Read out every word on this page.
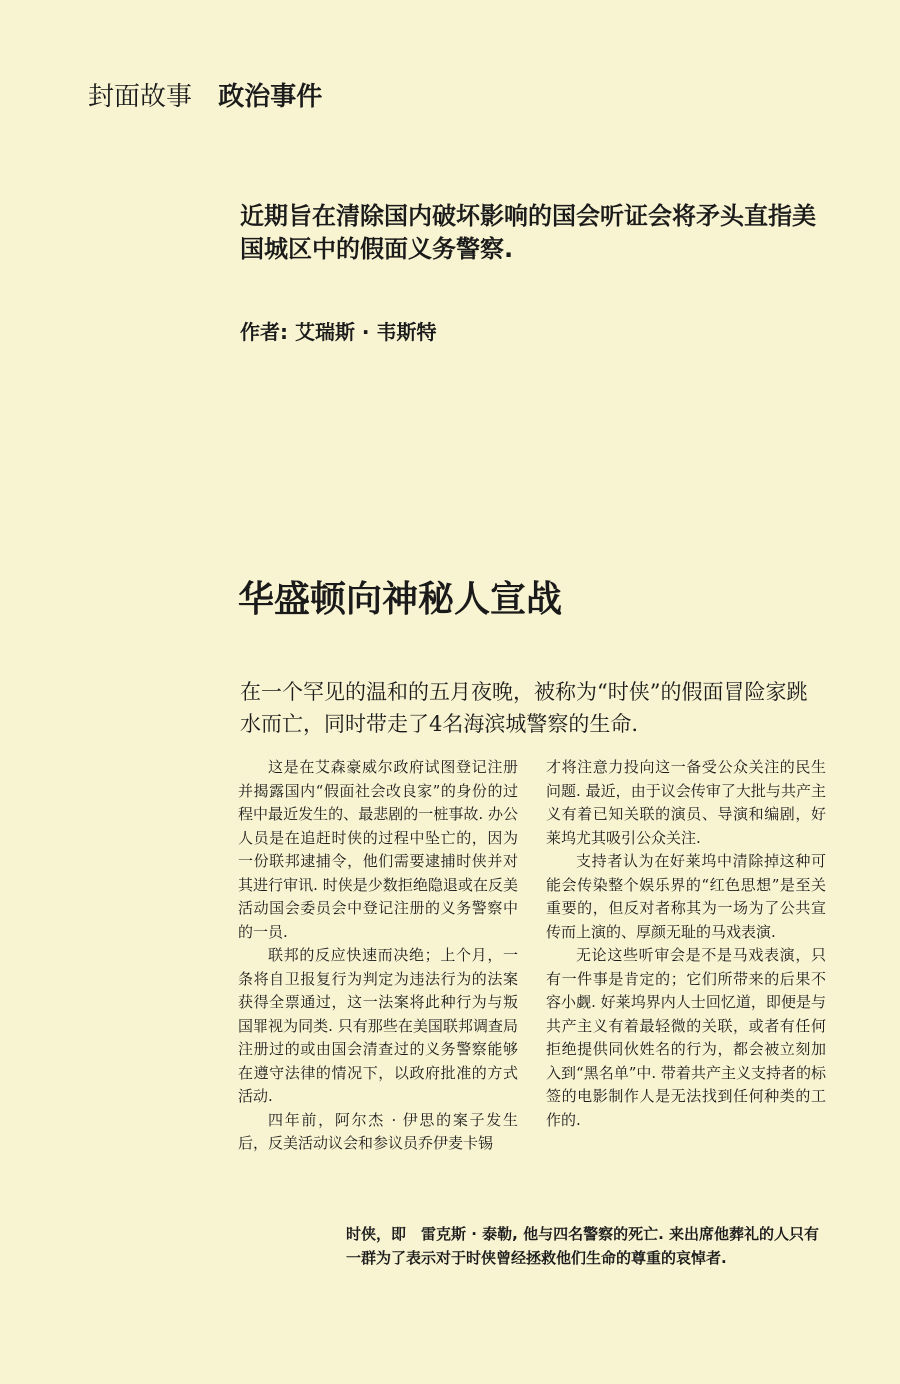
封面故事 政治事件
近期旨在清除国内破坏影响的国会听证会将矛头直指美国城区中的假面义务警察.
作者: 艾瑞斯 · 韦斯特
华盛顿向神秘人宣战
在一个罕见的温和的五月夜晚，被称为“时侠”的假面冒险家跳水而亡，同时带走了4名海滨城警察的生命.

这是在艾森豪威尔政府试图登记注册并揭露国内“假面社会改良家”的身份的过程中最近发生的、最悲剧的一桩事故. 办公人员是在追赶时侠的过程中坠亡的，因为一份联邦逮捕令，他们需要逮捕时侠并对其进行审讯. 时侠是少数拒绝隐退或在反美活动国会委员会中登记注册的义务警察中的一员.

联邦的反应快速而决绝；上个月，一条将自卫报复行为判定为违法行为的法案获得全票通过，这一法案将此种行为与叛国罪视为同类. 只有那些在美国联邦调查局注册过的或由国会清查过的义务警察能够在遵守法律的情况下，以政府批准的方式活动.

四年前，阿尔杰 · 伊思的案子发生后，反美活动议会和参议员乔伊麦卡锡

才将注意力投向这一备受公众关注的民生问题. 最近，由于议会传审了大批与共产主义有着已知关联的演员、导演和编剧，好莱坞尤其吸引公众关注.

支持者认为在好莱坞中清除掉这种可能会传染整个娱乐界的“红色思想”是至关重要的，但反对者称其为一场为了公共宣传而上演的、厚颜无耻的马戏表演.

无论这些听审会是不是马戏表演，只有一件事是肯定的；它们所带来的后果不容小觑. 好莱坞界内人士回忆道，即便是与共产主义有着最轻微的关联，或者有任何拒绝提供同伙姓名的行为，都会被立刻加入到“黑名单”中. 带着共产主义支持者的标签的电影制作人是无法找到任何种类的工作的.

时侠，即　雷克斯 · 泰勒, 他与四名警察的死亡. 来出席他葬礼的人只有一群为了表示对于时侠曾经拯救他们生命的尊重的哀悼者.
